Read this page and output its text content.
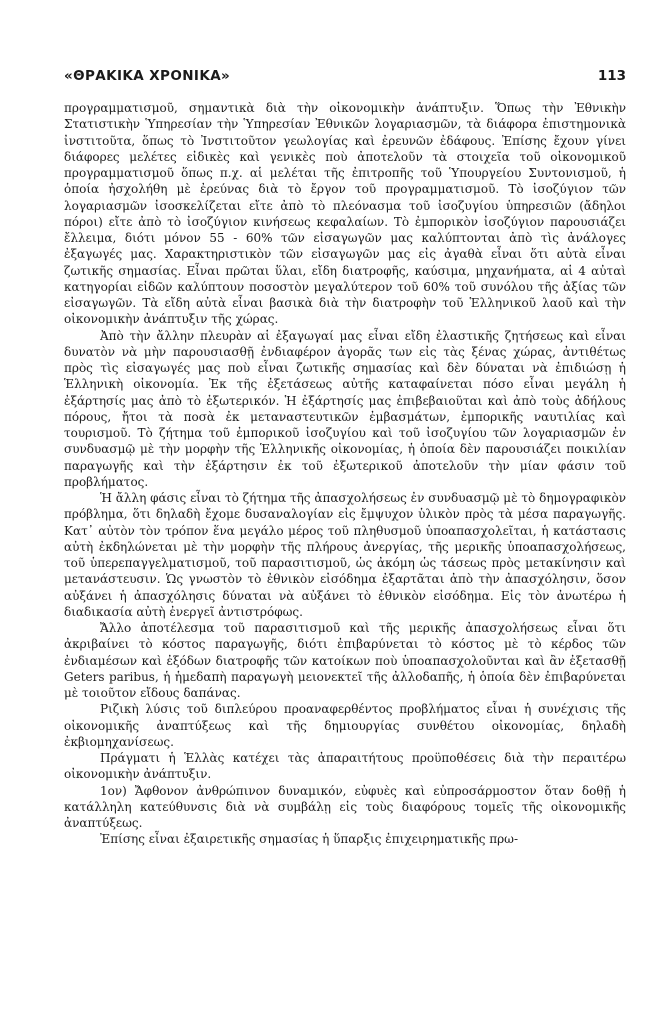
«ΘΡΑΚΙΚΑ ΧΡΟΝΙΚΑ»	113

προγραμματισμοῦ, σημαντικὰ διὰ τὴν οἰκονομικὴν ἀνάπτυξιν. Ὅπως τὴν Ἐθνικὴν Στατιστικὴν Ὑπηρεσίαν τὴν Ὑπηρεσίαν Ἐθνικῶν λογαριασμῶν, τὰ διάφορα ἐπιστημονικὰ ἰνστιτοῦτα, ὅπως τὸ Ἰνστιτοῦτον γεωλογίας καὶ ἐρευνῶν ἐδάφους. Ἐπίσης ἔχουν γίνει διάφορες μελέτες εἰδικὲς καὶ γενικὲς ποὺ ἀποτελοῦν τὰ στοιχεῖα τοῦ οἰκονομικοῦ προγραμματισμοῦ ὅπως π.χ. αἱ μελέται τῆς ἐπιτροπῆς τοῦ Ὑπουργείου Συντονισμοῦ, ἡ ὁποία ἠσχολήθη μὲ ἐρεύνας διὰ τὸ ἔργον τοῦ προγραμματισμοῦ. Τὸ ἰσοζύγιον τῶν λογαριασμῶν ἰσοσκελίζεται εἴτε ἀπὸ τὸ πλεόνασμα τοῦ ἰσοζυγίου ὑπηρεσιῶν (ἄδηλοι πόροι) εἴτε ἀπὸ τὸ ἰσοζύγιον κινήσεως κεφαλαίων. Τὸ ἐμπορικὸν ἰσοζύγιον παρουσιάζει ἔλλειμα, διότι μόνον 55 - 60% τῶν εἰσαγωγῶν μας καλύπτονται ἀπὸ τὶς ἀνάλογες ἐξαγωγές μας. Χαρακτηριστικὸν τῶν εἰσαγωγῶν μας εἰς ἀγαθὰ εἶναι ὅτι αὐτὰ εἶναι ζωτικῆς σημασίας. Εἶναι πρῶται ὕλαι, εἴδη διατροφῆς, καύσιμα, μηχανήματα, αἱ 4 αὐταὶ κατηγορίαι εἰδῶν καλύπτουν ποσοστὸν μεγαλύτερον τοῦ 60% τοῦ συνόλου τῆς ἀξίας τῶν εἰσαγωγῶν. Τὰ εἴδη αὐτὰ εἶναι βασικὰ διὰ τὴν διατροφὴν τοῦ Ἑλληνικοῦ λαοῦ καὶ τὴν οἰκονομικὴν ἀνάπτυξιν τῆς χώρας.

Ἀπὸ τὴν ἄλλην πλευρὰν αἱ ἐξαγωγαί μας εἶναι εἴδη ἐλαστικῆς ζητήσεως καὶ εἶναι δυνατὸν νὰ μὴν παρουσιασθῇ ἐνδιαφέρον ἀγορᾶς των εἰς τὰς ξένας χώρας, ἀντιθέτως πρὸς τὶς εἰσαγωγές μας ποὺ εἶναι ζωτικῆς σημασίας καὶ δὲν δύναται νὰ ἐπιδιώσῃ ἡ Ἑλληνικὴ οἰκονομία. Ἐκ τῆς ἐξετάσεως αὐτῆς καταφαίνεται πόσο εἶναι μεγάλη ἡ ἐξάρτησίς μας ἀπὸ τὸ ἐξωτερικόν. Ἡ ἐξάρτησίς μας ἐπιβεβαιοῦται καὶ ἀπὸ τοὺς ἀδήλους πόρους, ἤτοι τὰ ποσὰ ἐκ μεταναστευτικῶν ἐμβασμάτων, ἐμπορικῆς ναυτιλίας καὶ τουρισμοῦ. Τὸ ζήτημα τοῦ ἐμπορικοῦ ἰσοζυγίου καὶ τοῦ ἰσοζυγίου τῶν λογαριασμῶν ἐν συνδυασμῷ μὲ τὴν μορφὴν τῆς Ἑλληνικῆς οἰκονομίας, ἡ ὁποία δὲν παρουσιάζει ποικιλίαν παραγωγῆς καὶ τὴν ἐξάρτησιν ἐκ τοῦ ἐξωτερικοῦ ἀποτελοῦν τὴν μίαν φάσιν τοῦ προβλήματος.

Ἡ ἄλλη φάσις εἶναι τὸ ζήτημα τῆς ἀπασχολήσεως ἐν συνδυασμῷ μὲ τὸ δημογραφικὸν πρόβλημα, ὅτι δηλαδὴ ἔχομε δυσαναλογίαν εἰς ἔμψυχον ὑλικὸν πρὸς τὰ μέσα παραγωγῆς. Κατ᾽ αὐτὸν τὸν τρόπον ἕνα μεγάλο μέρος τοῦ πληθυσμοῦ ὑποαπασχολεῖται, ἡ κατάστασις αὐτὴ ἐκδηλώνεται μὲ τὴν μορφὴν τῆς πλήρους ἀνεργίας, τῆς μερικῆς ὑποαπασχολήσεως, τοῦ ὑπερεπαγγελματισμοῦ, τοῦ παρασιτισμοῦ, ὡς ἀκόμη ὡς τάσεως πρὸς μετακίνησιν καὶ μετανάστευσιν. Ὡς γνωστὸν τὸ ἐθνικὸν εἰσόδημα ἐξαρτᾶται ἀπὸ τὴν ἀπασχόλησιν, ὅσον αὐξάνει ἡ ἀπασχόλησις δύναται νὰ αὐξάνει τὸ ἐθνικὸν εἰσόδημα. Εἰς τὸν ἀνωτέρω ἡ διαδικασία αὐτὴ ἐνεργεῖ ἀντιστρόφως.

Ἄλλο ἀποτέλεσμα τοῦ παρασιτισμοῦ καὶ τῆς μερικῆς ἀπασχολήσεως εἶναι ὅτι ἀκριβαίνει τὸ κόστος παραγωγῆς, διότι ἐπιβαρύνεται τὸ κόστος μὲ τὸ κέρδος τῶν ἐνδιαμέσων καὶ ἐξόδων διατροφῆς τῶν κατοίκων ποὺ ὑποαπασχολοῦνται καὶ ἂν ἐξετασθῇ Geters paribus, ἡ ἡμεδαπὴ παραγωγὴ μειονεκτεῖ τῆς ἀλλοδαπῆς, ἡ ὁποία δὲν ἐπιβαρύνεται μὲ τοιοῦτον εἴδους δαπάνας.

Ριζικὴ λύσις τοῦ διπλεύρου προαναφερθέντος προβλήματος εἶναι ἡ συνέχισις τῆς οἰκονομικῆς ἀναπτύξεως καὶ τῆς δημιουργίας συνθέτου οἰκονομίας, δηλαδὴ ἐκβιομηχανίσεως.

Πράγματι ἡ Ἑλλὰς κατέχει τὰς ἀπαραιτήτους προϋποθέσεις διὰ τὴν περαιτέρω οἰκονομικὴν ἀνάπτυξιν.

1ον) Ἄφθονον ἀνθρώπινον δυναμικόν, εὐφυὲς καὶ εὐπροσάρμοστον ὅταν δοθῇ ἡ κατάλληλη κατεύθυνσις διὰ νὰ συμβάλῃ εἰς τοὺς διαφόρους τομεῖς τῆς οἰκονομικῆς ἀναπτύξεως.

Ἐπίσης εἶναι ἐξαιρετικῆς σημασίας ἡ ὕπαρξις ἐπιχειρηματικῆς πρω-
